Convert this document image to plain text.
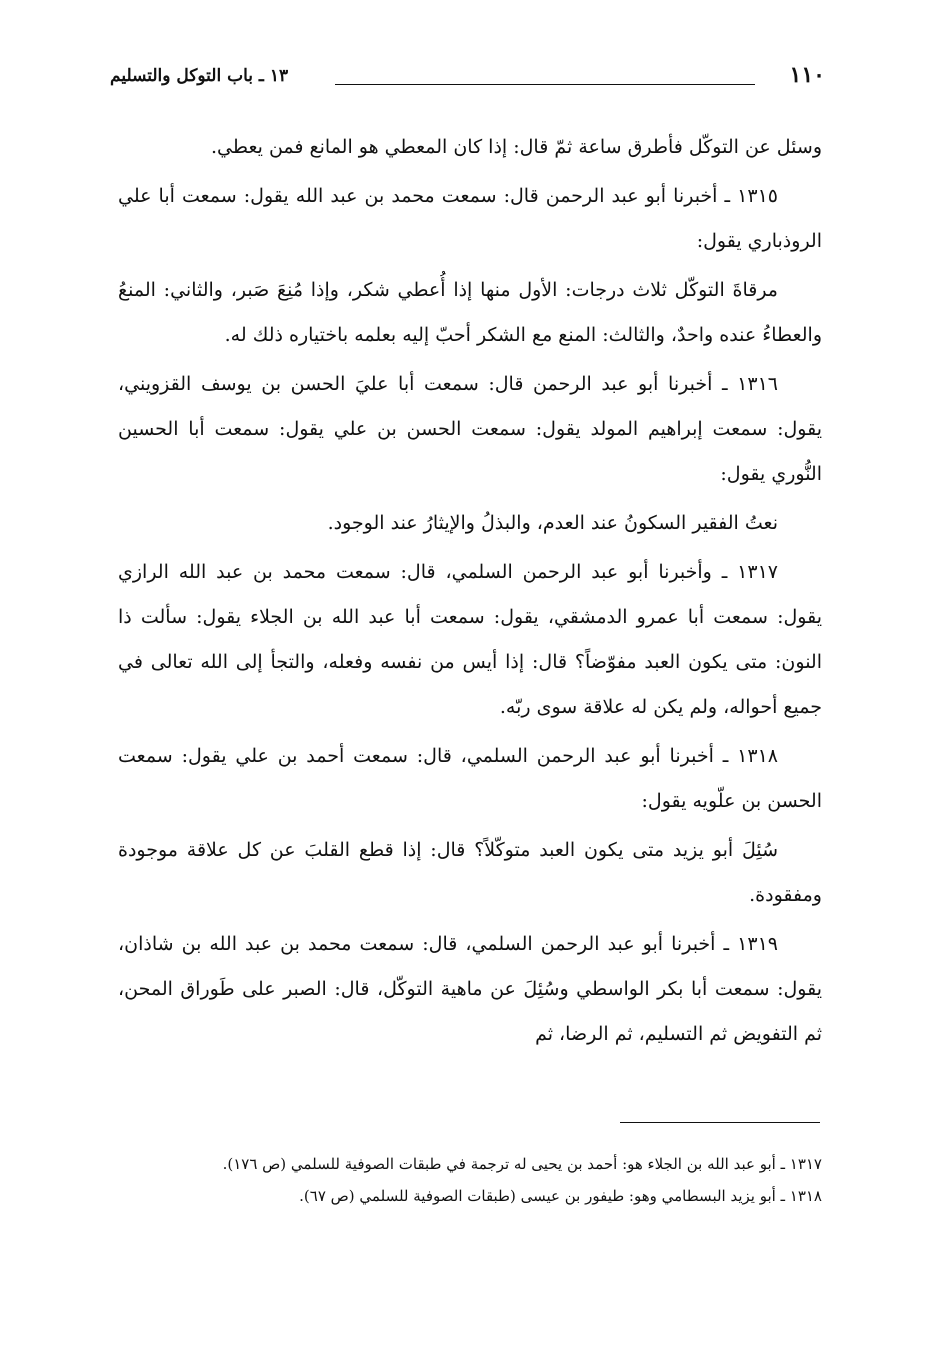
١١٠
١٣ ـ باب التوكل والتسليم

وسئل عن التوكّل فأطرق ساعة ثمّ قال: إذا كان المعطي هو المانع فمن يعطي.

١٣١٥ ـ أخبرنا أبو عبد الرحمن قال: سمعت محمد بن عبد الله يقول: سمعت أبا علي الروذباري يقول:

مرقاةَ التوكّل ثلاث درجات: الأول منها إذا أُعطي شكر، وإذا مُنِعَ صَبر، والثاني: المنعُ والعطاءُ عنده واحدٌ، والثالث: المنع مع الشكر أحبّ إليه بعلمه باختياره ذلك له.

١٣١٦ ـ أخبرنا أبو عبد الرحمن قال: سمعت أبا عليَ الحسن بن يوسف القزويني، يقول: سمعت إبراهيم المولد يقول: سمعت الحسن بن علي يقول: سمعت أبا الحسين النُّوري يقول:

نعتُ الفقير السكونُ عند العدم، والبذلُ والإيثارُ عند الوجود.

١٣١٧ ـ وأخبرنا أبو عبد الرحمن السلمي، قال: سمعت محمد بن عبد الله الرازي يقول: سمعت أبا عمرو الدمشقي، يقول: سمعت أبا عبد الله بن الجلاء يقول: سألت ذا النون: متى يكون العبد مفوّضاً؟ قال: إذا أيس من نفسه وفعله، والتجأ إلى الله تعالى في جميع أحواله، ولم يكن له علاقة سوى ربّه.

١٣١٨ ـ أخبرنا أبو عبد الرحمن السلمي، قال: سمعت أحمد بن علي يقول: سمعت الحسن بن علّويه يقول:

سُئِلَ أبو يزيد متى يكون العبد متوكّلاً؟ قال: إذا قطع القلبَ عن كل علاقة موجودة ومفقودة.

١٣١٩ ـ أخبرنا أبو عبد الرحمن السلمي، قال: سمعت محمد بن عبد الله بن شاذان، يقول: سمعت أبا بكر الواسطي وسُئِلَ عن ماهية التوكّل، قال: الصبر على طَوراق المحن، ثم التفويض ثم التسليم، ثم الرضا، ثم

١٣١٧ ـ أبو عبد الله بن الجلاء هو: أحمد بن يحيى له ترجمة في طبقات الصوفية للسلمي (ص ١٧٦).

١٣١٨ ـ أبو يزيد البسطامي وهو: طيفور بن عيسى (طبقات الصوفية للسلمي (ص ٦٧).
